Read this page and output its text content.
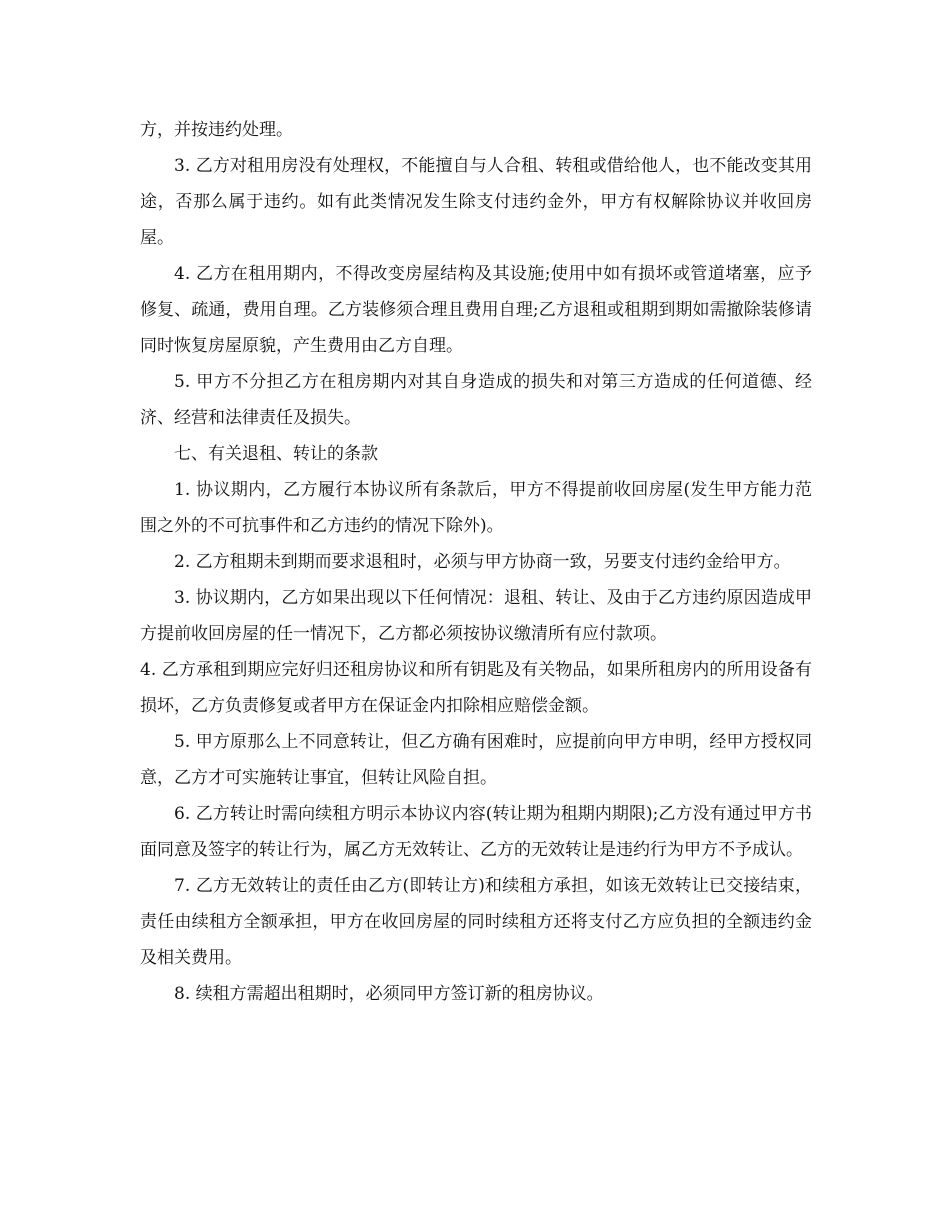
方，并按违约处理。

3. 乙方对租用房没有处理权，不能擅自与人合租、转租或借给他人，也不能改变其用途，否那么属于违约。如有此类情况发生除支付违约金外，甲方有权解除协议并收回房屋。

4. 乙方在租用期内，不得改变房屋结构及其设施;使用中如有损坏或管道堵塞，应予修复、疏通，费用自理。乙方装修须合理且费用自理;乙方退租或租期到期如需撤除装修请同时恢复房屋原貌，产生费用由乙方自理。

5. 甲方不分担乙方在租房期内对其自身造成的损失和对第三方造成的任何道德、经济、经营和法律责任及损失。

七、有关退租、转让的条款

1. 协议期内，乙方履行本协议所有条款后，甲方不得提前收回房屋(发生甲方能力范围之外的不可抗事件和乙方违约的情况下除外)。

2. 乙方租期未到期而要求退租时，必须与甲方协商一致，另要支付违约金给甲方。

3. 协议期内，乙方如果出现以下任何情况：退租、转让、及由于乙方违约原因造成甲方提前收回房屋的任一情况下，乙方都必须按协议缴清所有应付款项。

4. 乙方承租到期应完好归还租房协议和所有钥匙及有关物品，如果所租房内的所用设备有损坏，乙方负责修复或者甲方在保证金内扣除相应赔偿金额。

5. 甲方原那么上不同意转让，但乙方确有困难时，应提前向甲方申明，经甲方授权同意，乙方才可实施转让事宜，但转让风险自担。

6. 乙方转让时需向续租方明示本协议内容(转让期为租期内期限);乙方没有通过甲方书面同意及签字的转让行为，属乙方无效转让、乙方的无效转让是违约行为甲方不予成认。

7. 乙方无效转让的责任由乙方(即转让方)和续租方承担，如该无效转让已交接结束，责任由续租方全额承担，甲方在收回房屋的同时续租方还将支付乙方应负担的全额违约金及相关费用。

8. 续租方需超出租期时，必须同甲方签订新的租房协议。
